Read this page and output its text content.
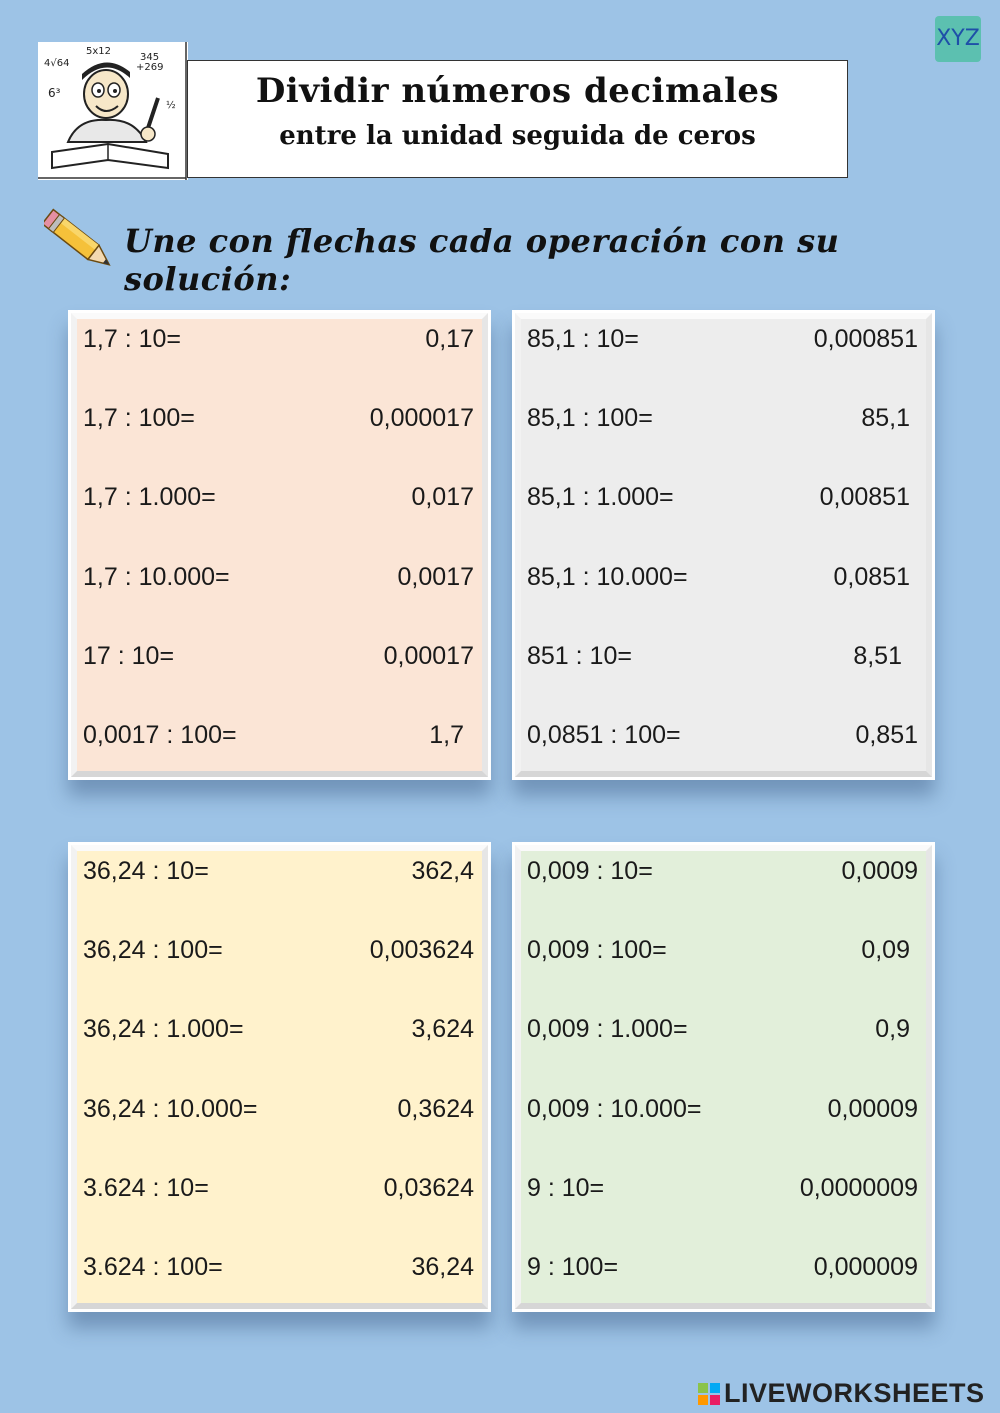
4√64
5x12
345
+269
6³
½	Dividir números decimales
entre la unidad seguida de ceros
XYZ
Une con flechas cada operación con su solución:
1,7 : 10=	0,17
1,7 : 100=	0,000017
1,7 : 1.000=	0,017
1,7 : 10.000=	0,0017
17 : 10=	0,00017
0,0017 : 100=	1,7
85,1 : 10=	0,000851
85,1 : 100=	85,1
85,1 : 1.000=	0,00851
85,1 : 10.000=	0,0851
851 : 10=	8,51
0,0851 : 100=	0,851
36,24 : 10=	362,4
36,24 : 100=	0,003624
36,24 : 1.000=	3,624
36,24 : 10.000=	0,3624
3.624 : 10=	0,03624
3.624 : 100=	36,24
0,009 : 10=	0,0009
0,009 : 100=	0,09
0,009 : 1.000=	0,9
0,009 : 10.000=	0,00009
9 : 10=	0,0000009
9 : 100=	0,000009
LIVEWORKSHEETS
